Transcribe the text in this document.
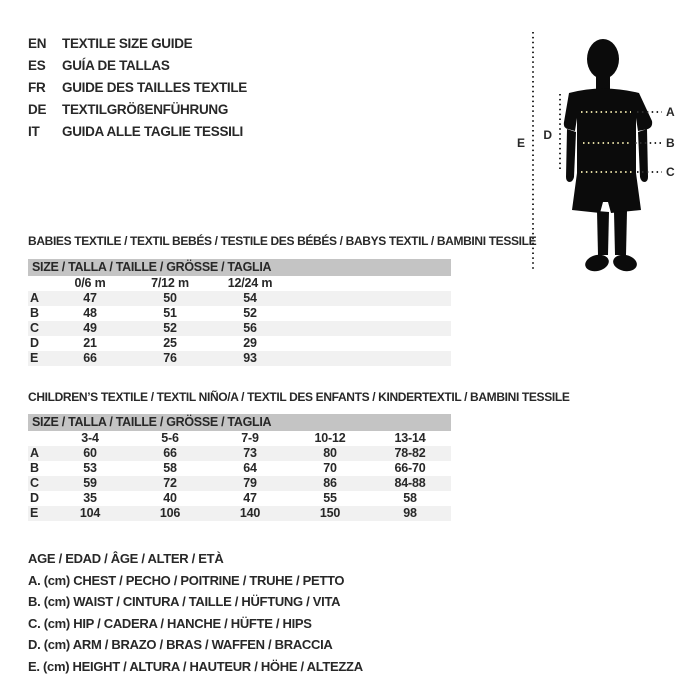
EN	TEXTILE SIZE GUIDE
ES	GUÍA DE TALLAS
FR	GUIDE DES TAILLES TEXTILE
DE	TEXTILGRÖßENFÜHRUNG
IT	GUIDA ALLE TAGLIE TESSILI
E
D
A
B
C
BABIES TEXTILE / TEXTIL BEBÉS / TESTILE DES BÉBÉS / BABYS TEXTIL / BAMBINI TESSILE
SIZE / TALLA / TAILLE / GRÖSSE / TAGLIA
0/6 m	7/12 m	12/24 m
A	47	50	54
B	48	51	52
C	49	52	56
D	21	25	29
E	66	76	93
CHILDREN’S TEXTILE / TEXTIL NIÑO/A / TEXTIL DES ENFANTS / KINDERTEXTIL / BAMBINI TESSILE
SIZE / TALLA / TAILLE / GRÖSSE / TAGLIA
3-4	5-6	7-9	10-12	13-14
A	60	66	73	80	78-82
B	53	58	64	70	66-70
C	59	72	79	86	84-88
D	35	40	47	55	58
E	104	106	140	150	98
AGE / EDAD / ÂGE / ALTER / ETÀ
A. (cm) CHEST / PECHO / POITRINE / TRUHE / PETTO
B. (cm) WAIST / CINTURA / TAILLE / HÜFTUNG / VITA
C. (cm) HIP / CADERA / HANCHE / HÜFTE / HIPS
D. (cm) ARM / BRAZO / BRAS / WAFFEN / BRACCIA
E. (cm) HEIGHT / ALTURA / HAUTEUR / HÖHE / ALTEZZA
